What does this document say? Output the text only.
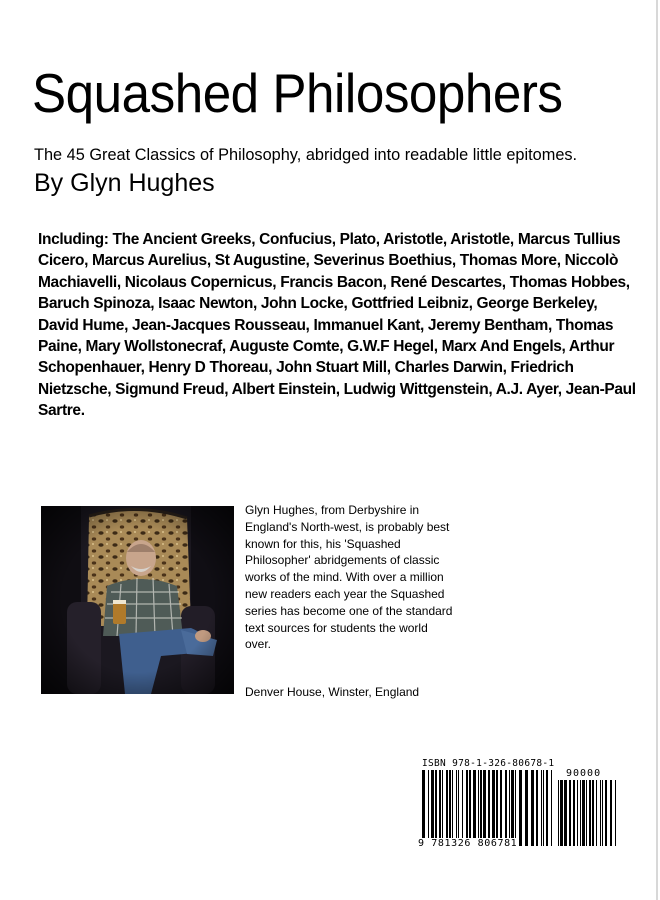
Squashed Philosophers
The 45 Great Classics of Philosophy, abridged into readable little epitomes.
By Glyn Hughes
Including: The Ancient Greeks, Confucius, Plato, Aristotle, Aristotle, Marcus Tullius Cicero, Marcus Aurelius, St Augustine, Severinus Boethius, Thomas More, Niccolò Machiavelli, Nicolaus Copernicus, Francis Bacon, René Descartes, Thomas Hobbes, Baruch Spinoza, Isaac Newton, John Locke, Gottfried Leibniz, George Berkeley, David Hume, Jean-Jacques Rousseau, Immanuel Kant, Jeremy Bentham, Thomas Paine, Mary Wollstonecraf, Auguste Comte, G.W.F Hegel, Marx And Engels, Arthur Schopenhauer, Henry D Thoreau, John Stuart Mill, Charles Darwin, Friedrich Nietzsche, Sigmund Freud, Albert Einstein, Ludwig Wittgenstein, A.J. Ayer, Jean-Paul Sartre.
Glyn Hughes, from Derbyshire in England's North-west, is probably best known for this, his 'Squashed Philosopher' abridgements of classic works of the mind. With over a million new readers each year the Squashed series has become one of the standard text sources for students the world over.
Denver House, Winster, England
ISBN 978-1-326-80678-1
90000
9 781326 806781
